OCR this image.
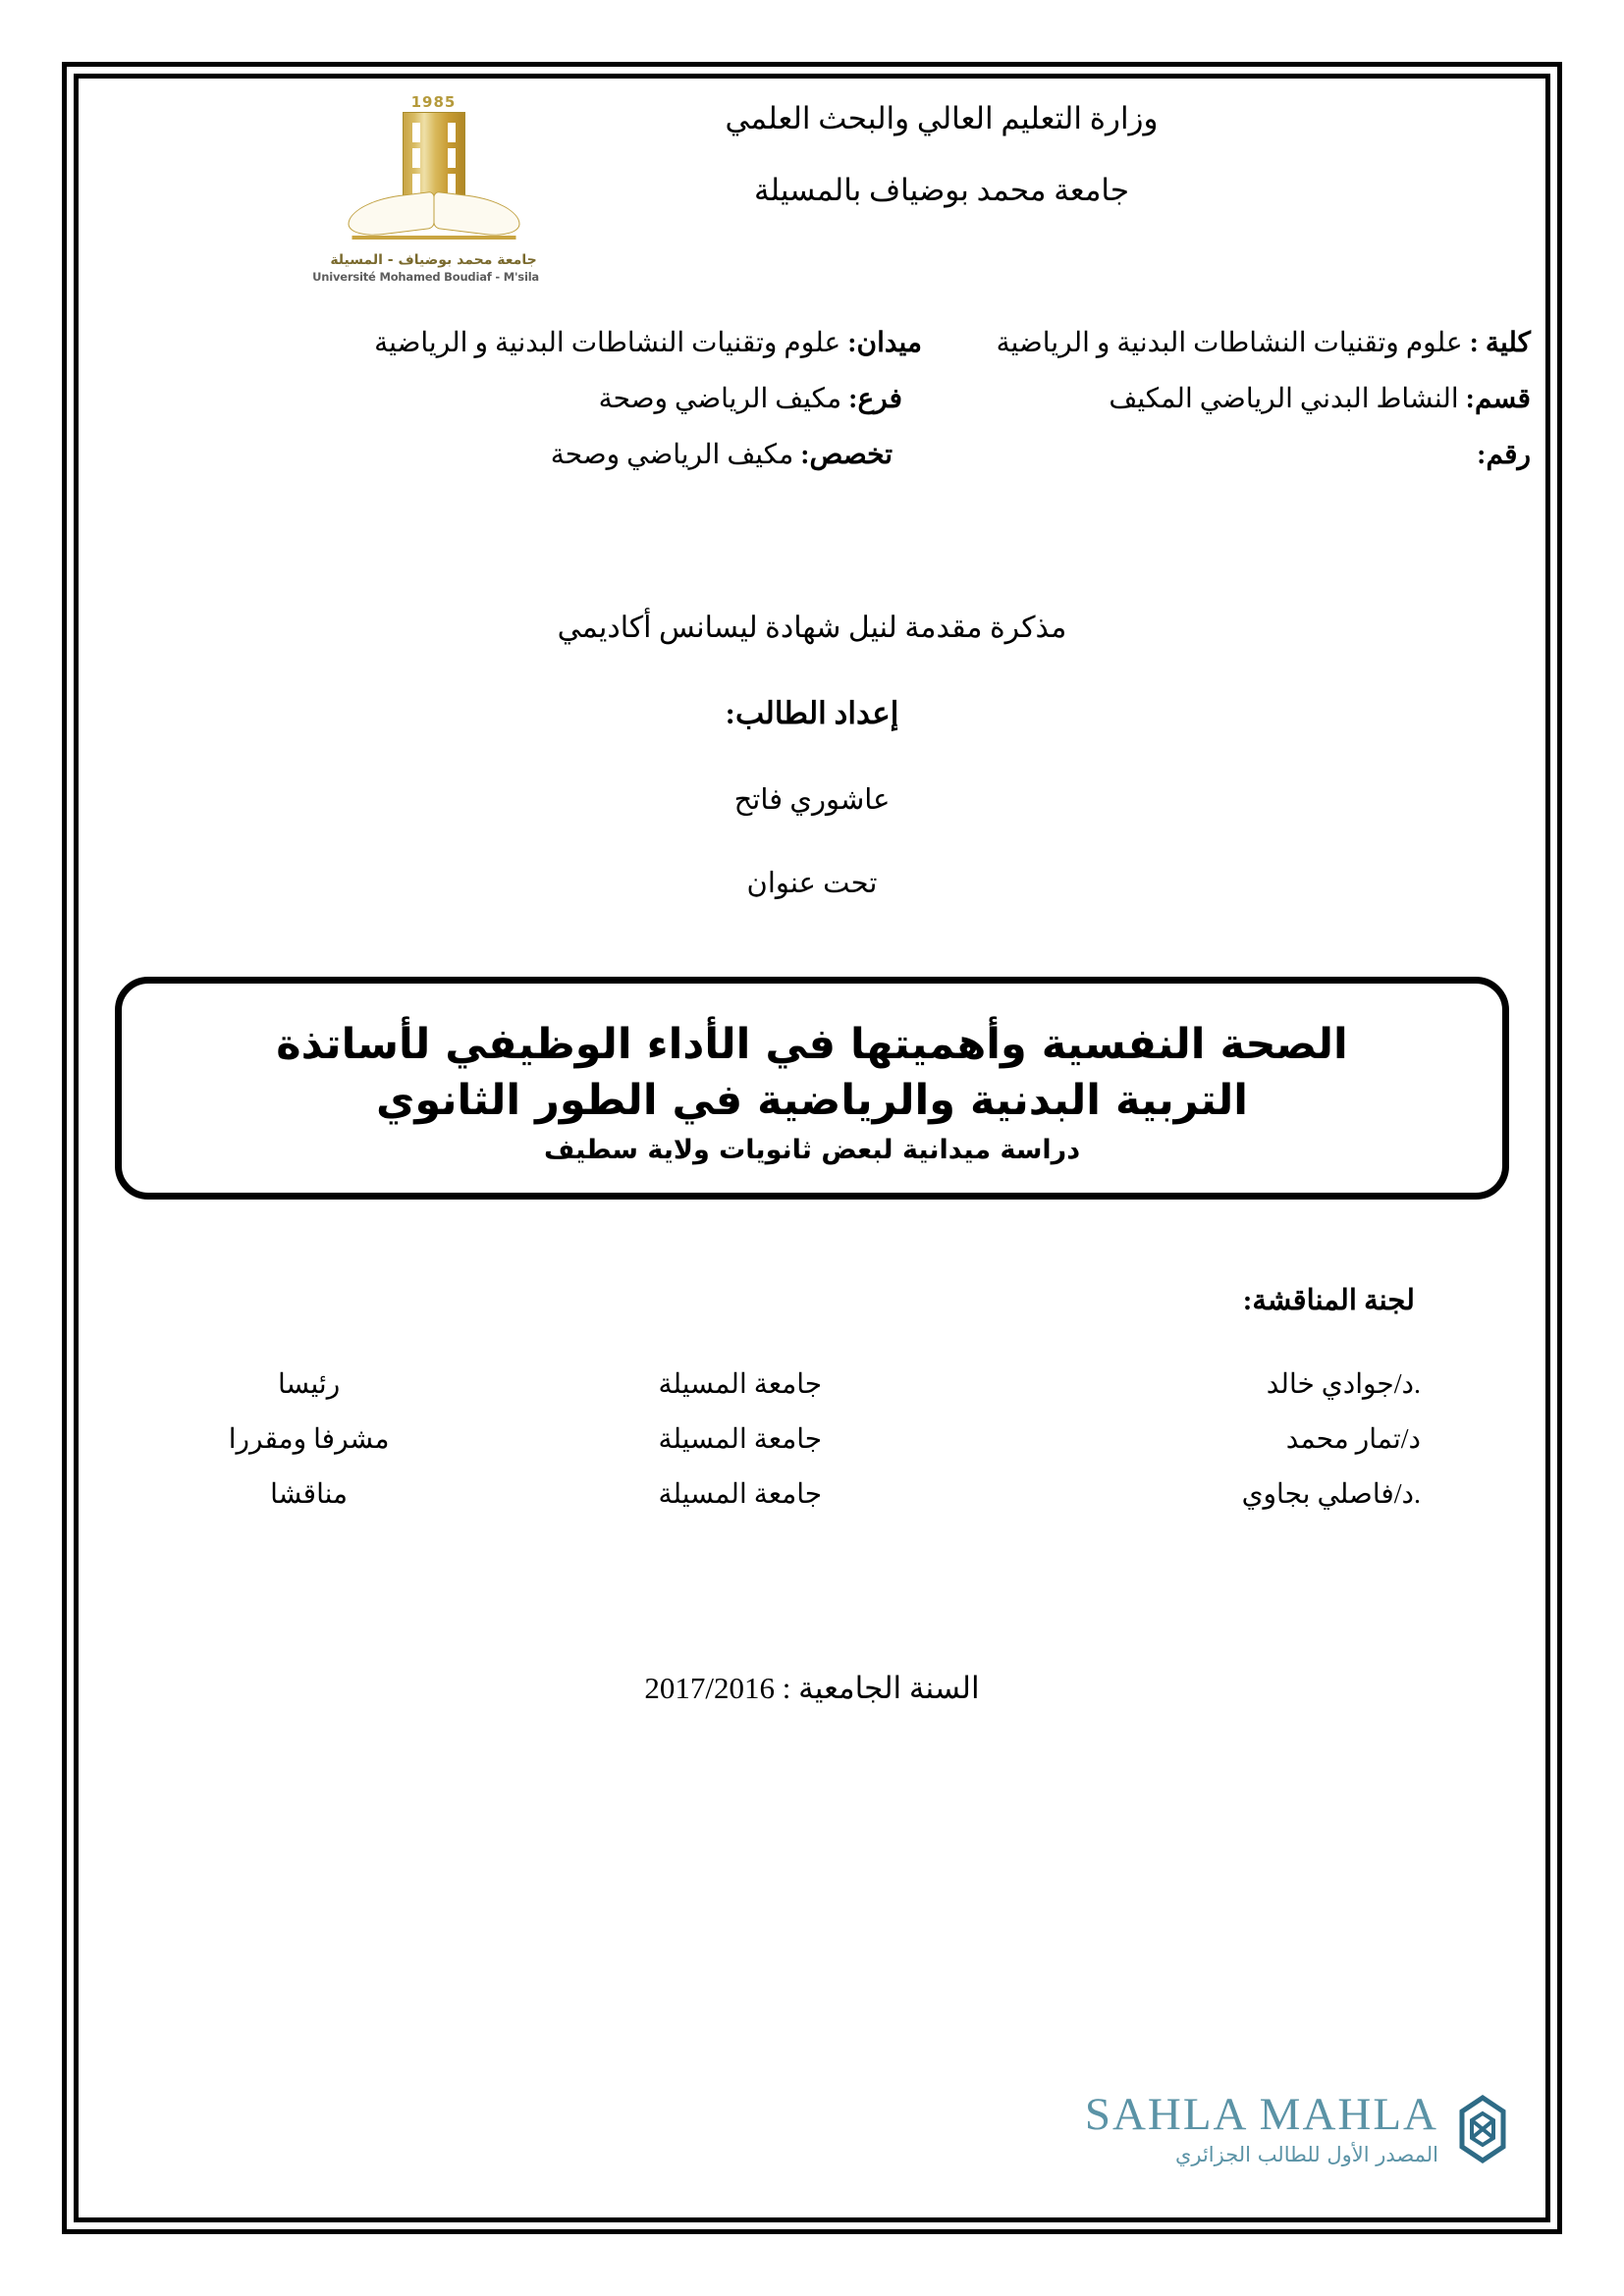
وزارة التعليم العالي والبحث العلمي
جامعة محمد بوضياف بالمسيلة
1985
جامعة محمد بوضياف - المسيلة
Université Mohamed Boudiaf - M'sila
كلية : علوم وتقنيات النشاطات البدنية و الرياضية
ميدان: علوم وتقنيات النشاطات البدنية و الرياضية
قسم: النشاط البدني الرياضي المكيف
فرع: مكيف الرياضي وصحة
رقم:
تخصص: مكيف الرياضي وصحة
مذكرة مقدمة لنيل شهادة ليسانس أكاديمي
إعداد الطالب:
عاشوري فاتح
تحت عنوان
الصحة النفسية وأهميتها في الأداء الوظيفي لأساتذة
التربية البدنية والرياضية في الطور الثانوي
دراسة ميدانية لبعض ثانويات ولاية سطيف
لجنة المناقشة:
.د/جوادي خالد	جامعة المسيلة	رئيسا
د/تمار محمد	جامعة المسيلة	مشرفا ومقررا
.د/فاصلي بجاوي	جامعة المسيلة	مناقشا
السنة الجامعية : 2017/2016
SAHLA MAHLA
المصدر الأول للطالب الجزائري
